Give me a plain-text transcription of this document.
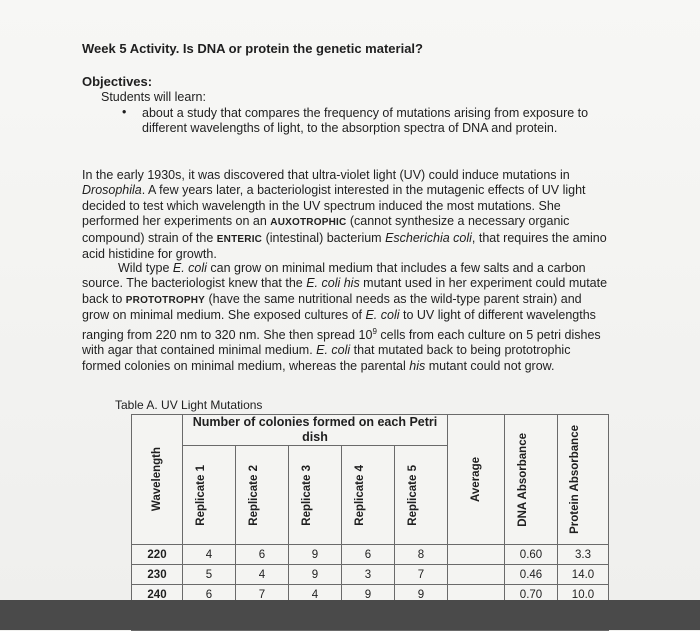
Week 5 Activity. Is DNA or protein the genetic material?
Objectives:
Students will learn:
• about a study that compares the frequency of mutations arising from exposure to different wavelengths of light, to the absorption spectra of DNA and protein.

In the early 1930s, it was discovered that ultra-violet light (UV) could induce mutations in Drosophila. A few years later, a bacteriologist interested in the mutagenic effects of UV light decided to test which wavelength in the UV spectrum induced the most mutations. She performed her experiments on an AUXOTROPHIC (cannot synthesize a necessary organic compound) strain of the ENTERIC (intestinal) bacterium Escherichia coli, that requires the amino acid histidine for growth.

Wild type E. coli can grow on minimal medium that includes a few salts and a carbon source. The bacteriologist knew that the E. coli his mutant used in her experiment could mutate back to PROTOTROPHY (have the same nutritional needs as the wild-type parent strain) and grow on minimal medium. She exposed cultures of E. coli to UV light of different wavelengths ranging from 220 nm to 320 nm. She then spread $10^9$ cells from each culture on 5 petri dishes with agar that contained minimal medium. E. coli that mutated back to being prototrophic formed colonies on minimal medium, whereas the parental his mutant could not grow.

Table A. UV Light Mutations
Wavelength	Number of colonies formed on each Petri dish					Average	DNA Absorbance	Protein Absorbance

	Replicate 1	Replicate 2	Replicate 3	Replicate 4	Replicate 5			

220	4	6	9	6	8		0.60	3.3
230	5	4	9	3	7		0.46	14.0
240	6	7	4	9	9		0.70	10.0
